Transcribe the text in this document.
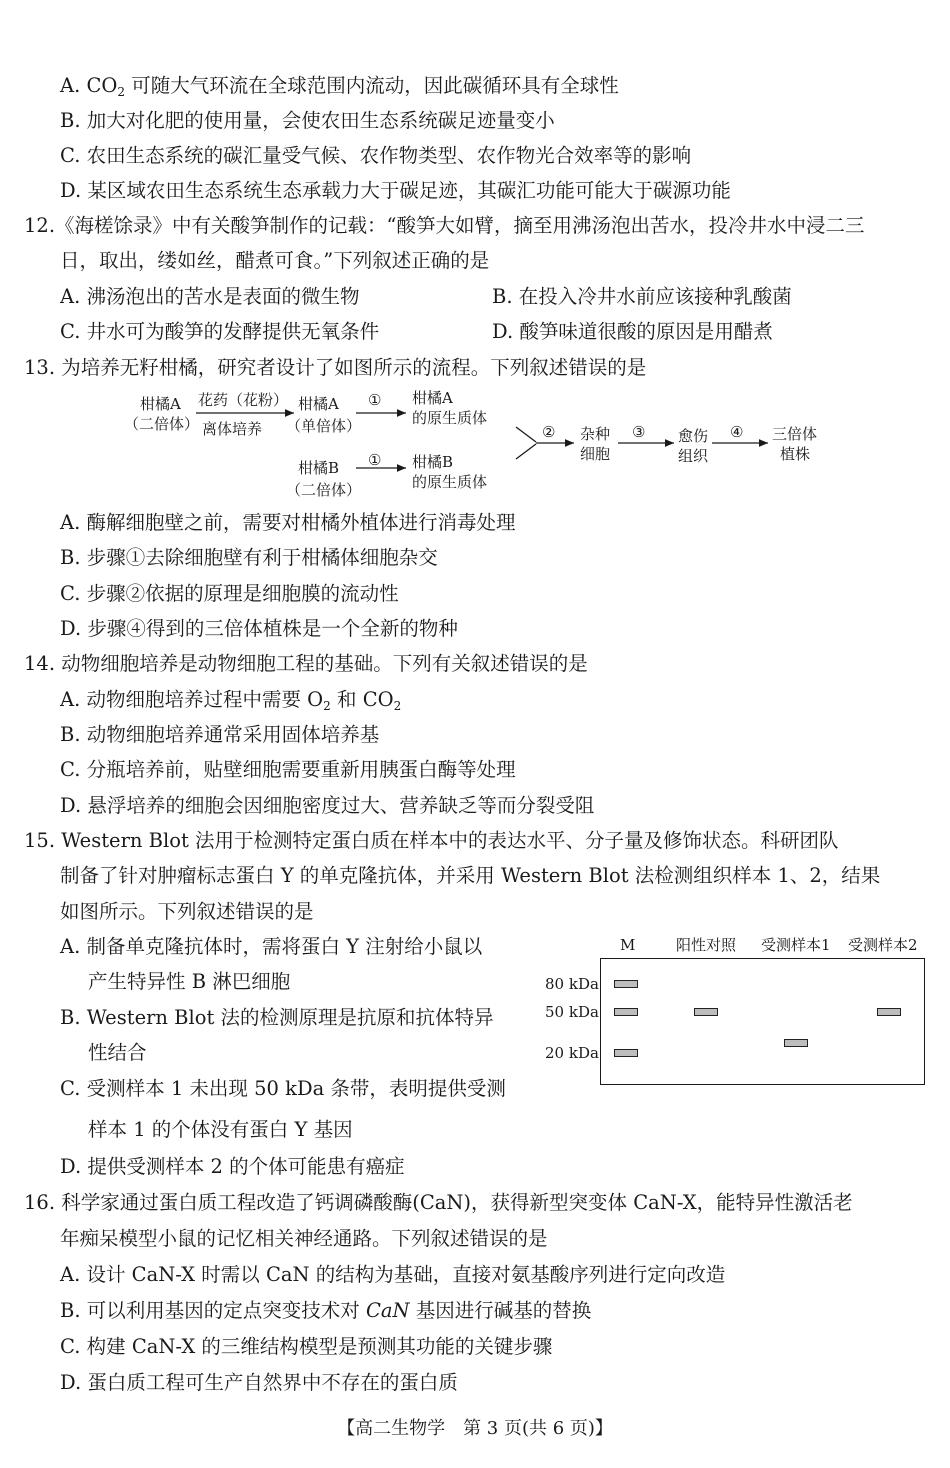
A. $CO_2$ 可随大气环流在全球范围内流动，因此碳循环具有全球性
B. 加大对化肥的使用量，会使农田生态系统碳足迹量变小
C. 农田生态系统的碳汇量受气候、农作物类型、农作物光合效率等的影响
D. 某区域农田生态系统生态承载力大于碳足迹，其碳汇功能可能大于碳源功能
12.《海槎馀录》中有关酸笋制作的记载：“酸笋大如臂，摘至用沸汤泡出苦水，投冷井水中浸二三
日，取出，缕如丝，醋煮可食。”下列叙述正确的是
A. 沸汤泡出的苦水是表面的微生物	B. 在投入冷井水前应该接种乳酸菌
C. 井水可为酸笋的发酵提供无氧条件	D. 酸笋味道很酸的原因是用醋煮
13. 为培养无籽柑橘，研究者设计了如图所示的流程。下列叙述错误的是
柑橘A
（二倍体）
花药（花粉）
离体培养
柑橘A
（单倍体）
① 柑橘A
的原生质体
柑橘B
（二倍体）
① 柑橘B
的原生质体
② 杂种
细胞
③ 愈伤
组织
④ 三倍体
植株
A. 酶解细胞壁之前，需要对柑橘外植体进行消毒处理
B. 步骤①去除细胞壁有利于柑橘体细胞杂交
C. 步骤②依据的原理是细胞膜的流动性
D. 步骤④得到的三倍体植株是一个全新的物种
14. 动物细胞培养是动物细胞工程的基础。下列有关叙述错误的是
A. 动物细胞培养过程中需要 $O_2$ 和 $CO_2$
B. 动物细胞培养通常采用固体培养基
C. 分瓶培养前，贴壁细胞需要重新用胰蛋白酶等处理
D. 悬浮培养的细胞会因细胞密度过大、营养缺乏等而分裂受阻
15. Western Blot 法用于检测特定蛋白质在样本中的表达水平、分子量及修饰状态。科研团队
制备了针对肿瘤标志蛋白 Y 的单克隆抗体，并采用 Western Blot 法检测组织样本 1、2，结果
如图所示。下列叙述错误的是
A. 制备单克隆抗体时，需将蛋白 Y 注射给小鼠以
产生特异性 B 淋巴细胞
B. Western Blot 法的检测原理是抗原和抗体特异
性结合
C. 受测样本 1 未出现 50 kDa 条带，表明提供受测
样本 1 的个体没有蛋白 Y 基因
D. 提供受测样本 2 的个体可能患有癌症
M	阳性对照 受测样本1 受测样本2
80 kDa
50 kDa
20 kDa
16. 科学家通过蛋白质工程改造了钙调磷酸酶(CaN)，获得新型突变体 CaN-X，能特异性激活老
年痴呆模型小鼠的记忆相关神经通路。下列叙述错误的是
A. 设计 CaN-X 时需以 CaN 的结构为基础，直接对氨基酸序列进行定向改造
B. 可以利用基因的定点突变技术对 CaN 基因进行碱基的替换
C. 构建 CaN-X 的三维结构模型是预测其功能的关键步骤
D. 蛋白质工程可生产自然界中不存在的蛋白质
【高二生物学　第 3 页(共 6 页)】
